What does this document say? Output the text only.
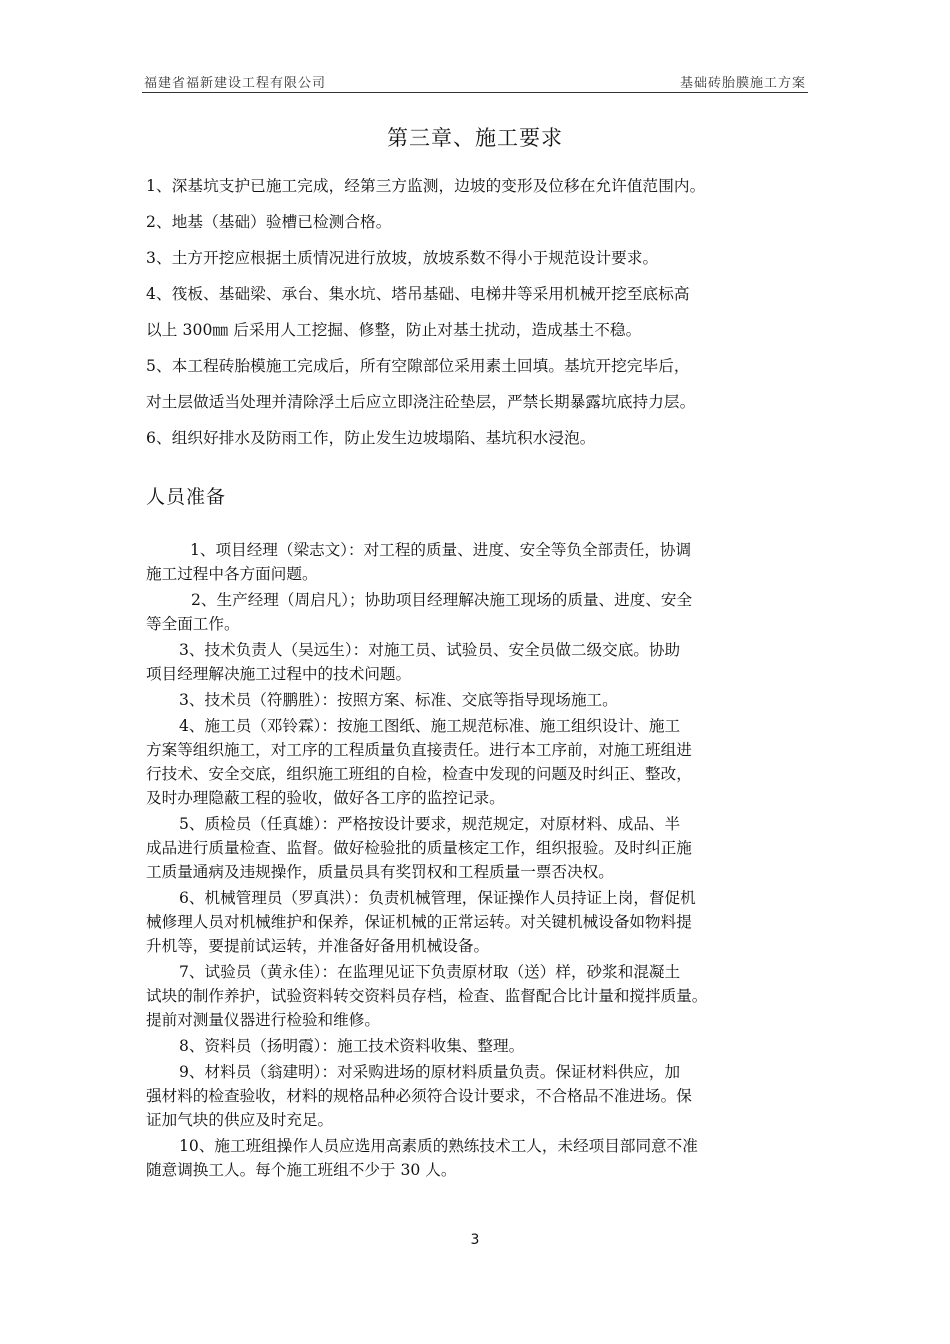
福建省福新建设工程有限公司	基础砖胎膜施工方案
第三章、施工要求
1、深基坑支护已施工完成，经第三方监测，边坡的变形及位移在允许值范围内。
2、地基（基础）验槽已检测合格。
3、土方开挖应根据土质情况进行放坡，放坡系数不得小于规范设计要求。
4、筏板、基础梁、承台、集水坑、塔吊基础、电梯井等采用机械开挖至底标高
以上 300㎜ 后采用人工挖掘、修整，防止对基土扰动，造成基土不稳。
5、本工程砖胎模施工完成后，所有空隙部位采用素土回填。基坑开挖完毕后，
对土层做适当处理并清除浮土后应立即浇注砼垫层，严禁长期暴露坑底持力层。
6、组织好排水及防雨工作，防止发生边坡塌陷、基坑积水浸泡。
人员准备
1、项目经理（梁志文）：对工程的质量、进度、安全等负全部责任，协调
施工过程中各方面问题。
2、生产经理（周启凡）；协助项目经理解决施工现场的质量、进度、安全
等全面工作。
3、技术负责人（吴远生）：对施工员、试验员、安全员做二级交底。协助
项目经理解决施工过程中的技术问题。
3、技术员（符鹏胜）：按照方案、标准、交底等指导现场施工。
4、施工员（邓铃霖）：按施工图纸、施工规范标准、施工组织设计、施工
方案等组织施工，对工序的工程质量负直接责任。进行本工序前，对施工班组进
行技术、安全交底，组织施工班组的自检，检查中发现的问题及时纠正、整改，
及时办理隐蔽工程的验收，做好各工序的监控记录。
5、质检员（任真雄）：严格按设计要求，规范规定，对原材料、成品、半
成品进行质量检查、监督。做好检验批的质量核定工作，组织报验。及时纠正施
工质量通病及违规操作，质量员具有奖罚权和工程质量一票否决权。
6、机械管理员（罗真洪）：负责机械管理，保证操作人员持证上岗，督促机
械修理人员对机械维护和保养，保证机械的正常运转。对关键机械设备如物料提
升机等，要提前试运转，并准备好备用机械设备。
7、试验员（黄永佳）：在监理见证下负责原材取（送）样，砂浆和混凝土
试块的制作养护，试验资料转交资料员存档，检查、监督配合比计量和搅拌质量。
提前对测量仪器进行检验和维修。
8、资料员（扬明霞）：施工技术资料收集、整理。
9、材料员（翁建明）：对采购进场的原材料质量负责。保证材料供应，加
强材料的检查验收，材料的规格品种必须符合设计要求，不合格品不准进场。保
证加气块的供应及时充足。
10、施工班组操作人员应选用高素质的熟练技术工人，未经项目部同意不准
随意调换工人。每个施工班组不少于 30 人。
3
